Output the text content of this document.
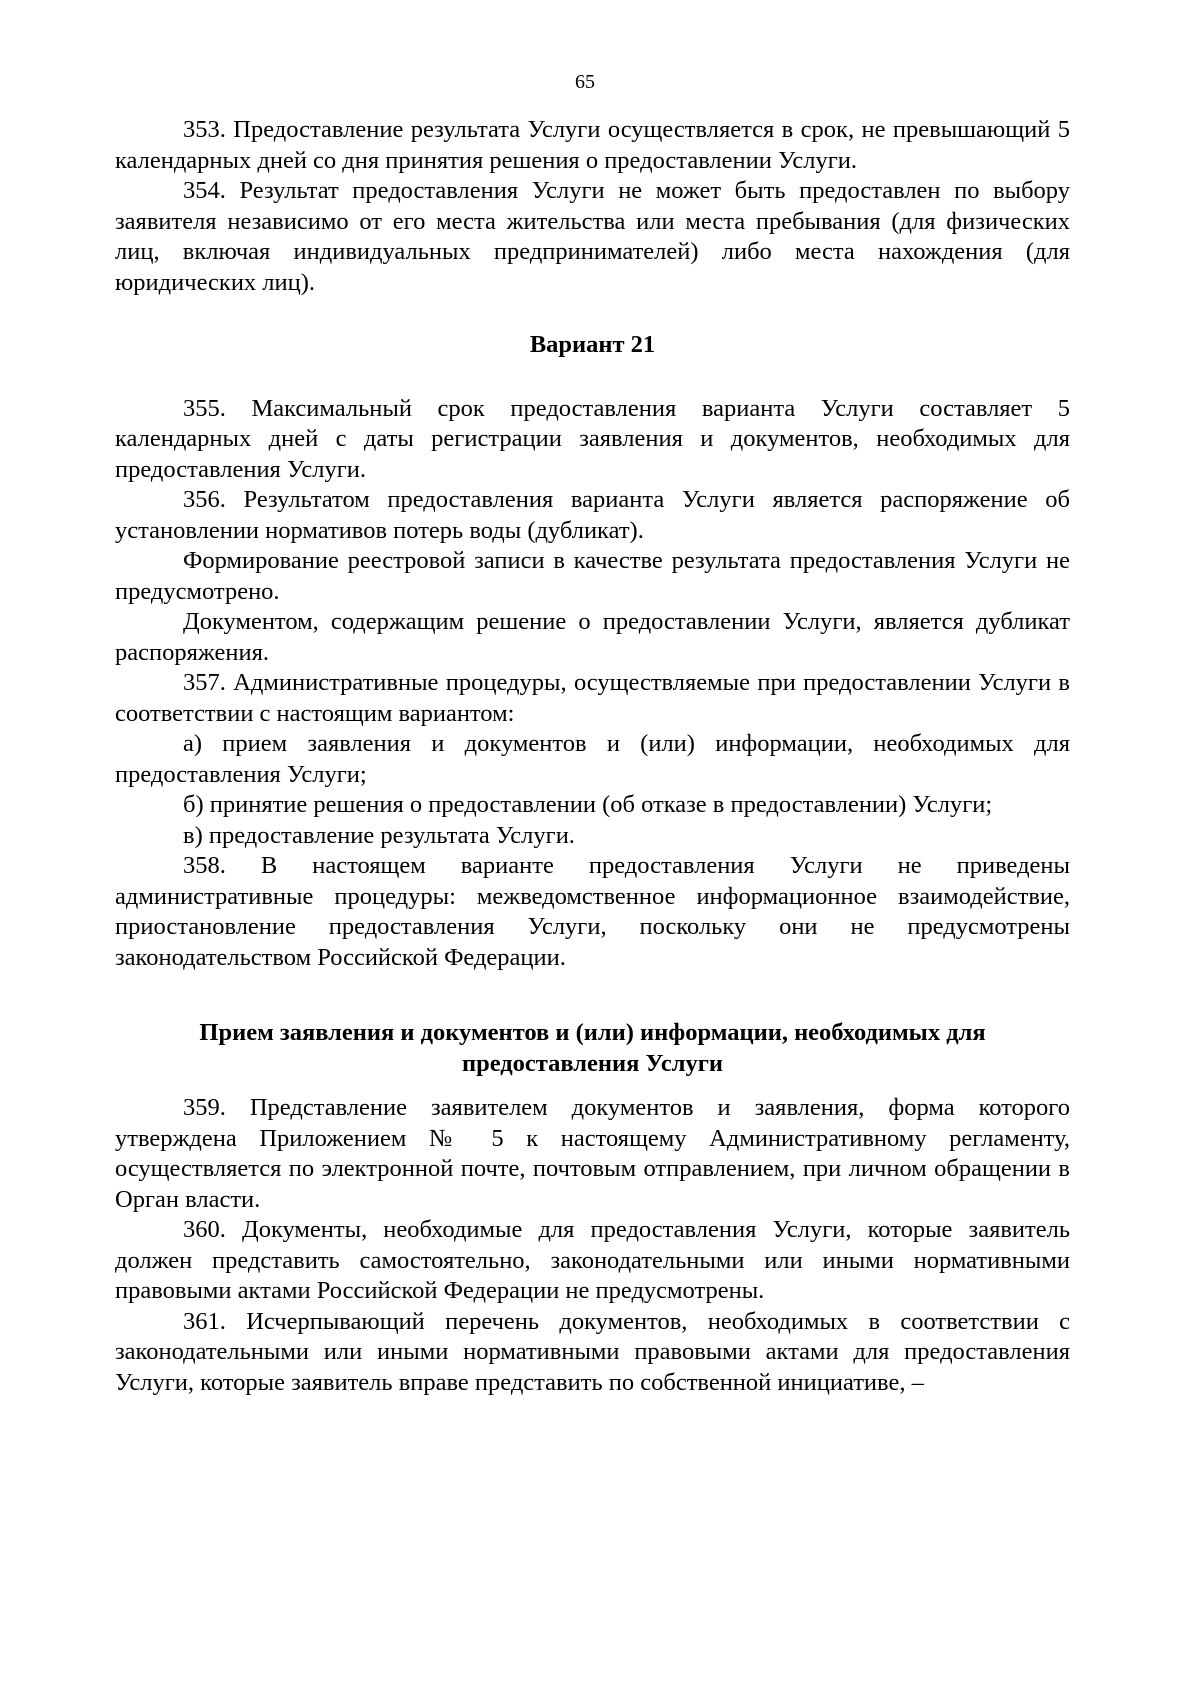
65

353. Предоставление результата Услуги осуществляется в срок, не превышающий 5 календарных дней со дня принятия решения о предоставлении Услуги.

354. Результат предоставления Услуги не может быть предоставлен по выбору заявителя независимо от его места жительства или места пребывания (для физических лиц, включая индивидуальных предпринимателей) либо места нахождения (для юридических лиц).

Вариант 21

355. Максимальный срок предоставления варианта Услуги составляет 5 календарных дней с даты регистрации заявления и документов, необходимых для предоставления Услуги.

356. Результатом предоставления варианта Услуги является распоряжение об установлении нормативов потерь воды (дубликат).

Формирование реестровой записи в качестве результата предоставления Услуги не предусмотрено.

Документом, содержащим решение о предоставлении Услуги, является дубликат распоряжения.

357. Административные процедуры, осуществляемые при предоставлении Услуги в соответствии с настоящим вариантом:

а) прием заявления и документов и (или) информации, необходимых для предоставления Услуги;

б) принятие решения о предоставлении (об отказе в предоставлении) Услуги;

в) предоставление результата Услуги.

358. В настоящем варианте предоставления Услуги не приведены административные процедуры: межведомственное информационное взаимодействие, приостановление предоставления Услуги, поскольку они не предусмотрены законодательством Российской Федерации.

Прием заявления и документов и (или) информации, необходимых для предоставления Услуги

359. Представление заявителем документов и заявления, форма которого утверждена Приложением № 5 к настоящему Административному регламенту, осуществляется по электронной почте, почтовым отправлением, при личном обращении в Орган власти.

360. Документы, необходимые для предоставления Услуги, которые заявитель должен представить самостоятельно, законодательными или иными нормативными правовыми актами Российской Федерации не предусмотрены.

361. Исчерпывающий перечень документов, необходимых в соответствии с законодательными или иными нормативными правовыми актами для предоставления Услуги, которые заявитель вправе представить по собственной инициативе, –
